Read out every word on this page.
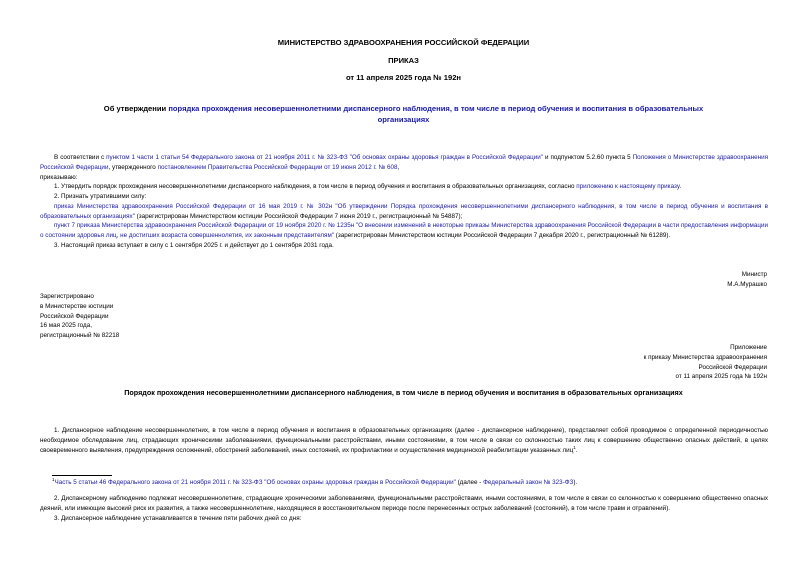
МИНИСТЕРСТВО ЗДРАВООХРАНЕНИЯ РОССИЙСКОЙ ФЕДЕРАЦИИ
ПРИКАЗ
от 11 апреля 2025 года № 192н
Об утверждении порядка прохождения несовершеннолетними диспансерного наблюдения, в том числе в период обучения и воспитания в образовательных организациях

В соответствии с пунктом 1 части 1 статьи 54 Федерального закона от 21 ноября 2011 г. № 323-ФЗ "Об основах охраны здоровья граждан в Российской Федерации" и подпунктом 5.2.60 пункта 5 Положения о Министерстве здравоохранения Российской Федерации, утвержденного постановлением Правительства Российской Федерации от 19 июня 2012 г. № 608,

приказываю:

1. Утвердить порядок прохождения несовершеннолетними диспансерного наблюдения, в том числе в период обучения и воспитания в образовательных организациях, согласно приложению к настоящему приказу.

2. Признать утратившими силу:

приказ Министерства здравоохранения Российской Федерации от 16 мая 2019 г. № 302н "Об утверждении Порядка прохождения несовершеннолетними диспансерного наблюдения, в том числе в период обучения и воспитания в образовательных организациях" (зарегистрирован Министерством юстиции Российской Федерации 7 июня 2019 г., регистрационный № 54887);

пункт 7 приказа Министерства здравоохранения Российской Федерации от 19 ноября 2020 г. № 1235н "О внесении изменений в некоторые приказы Министерства здравоохранения Российской Федерации в части предоставления информации о состоянии здоровья лиц, не достигших возраста совершеннолетия, их законным представителям" (зарегистрирован Министерством юстиции Российской Федерации 7 декабря 2020 г., регистрационный № 61289).

3. Настоящий приказ вступает в силу с 1 сентября 2025 г. и действует до 1 сентября 2031 года.

Министр
М.А.Мурашко
Зарегистрировано
в Министерстве юстиции
Российской Федерации
16 мая 2025 года,
регистрационный № 82218
Приложение
к приказу Министерства здравоохранения
Российской Федерации
от 11 апреля 2025 года № 192н
Порядок прохождения несовершеннолетними диспансерного наблюдения, в том числе в период обучения и воспитания в образовательных организациях

1. Диспансерное наблюдение несовершеннолетних, в том числе в период обучения и воспитания в образовательных организациях (далее - диспансерное наблюдение), представляет собой проводимое с определенной периодичностью необходимое обследование лиц, страдающих хроническими заболеваниями, функциональными расстройствами, иными состояниями, в том числе в связи со склонностью таких лиц к совершению общественно опасных действий, в целях своевременного выявления, предупреждения осложнений, обострений заболеваний, иных состояний, их профилактики и осуществления медицинской реабилитации указанных лиц$^1$.

$^1$Часть 5 статьи 46 Федерального закона от 21 ноября 2011 г. № 323-ФЗ "Об основах охраны здоровья граждан в Российской Федерации" (далее - Федеральный закон № 323-ФЗ).

2. Диспансерному наблюдению подлежат несовершеннолетние, страдающие хроническими заболеваниями, функциональными расстройствами, иными состояниями, в том числе в связи со склонностью к совершению общественно опасных деяний, или имеющие высокий риск их развития, а также несовершеннолетние, находящиеся в восстановительном периоде после перенесенных острых заболеваний (состояний), в том числе травм и отравлений).

3. Диспансерное наблюдение устанавливается в течение пяти рабочих дней со дня:
